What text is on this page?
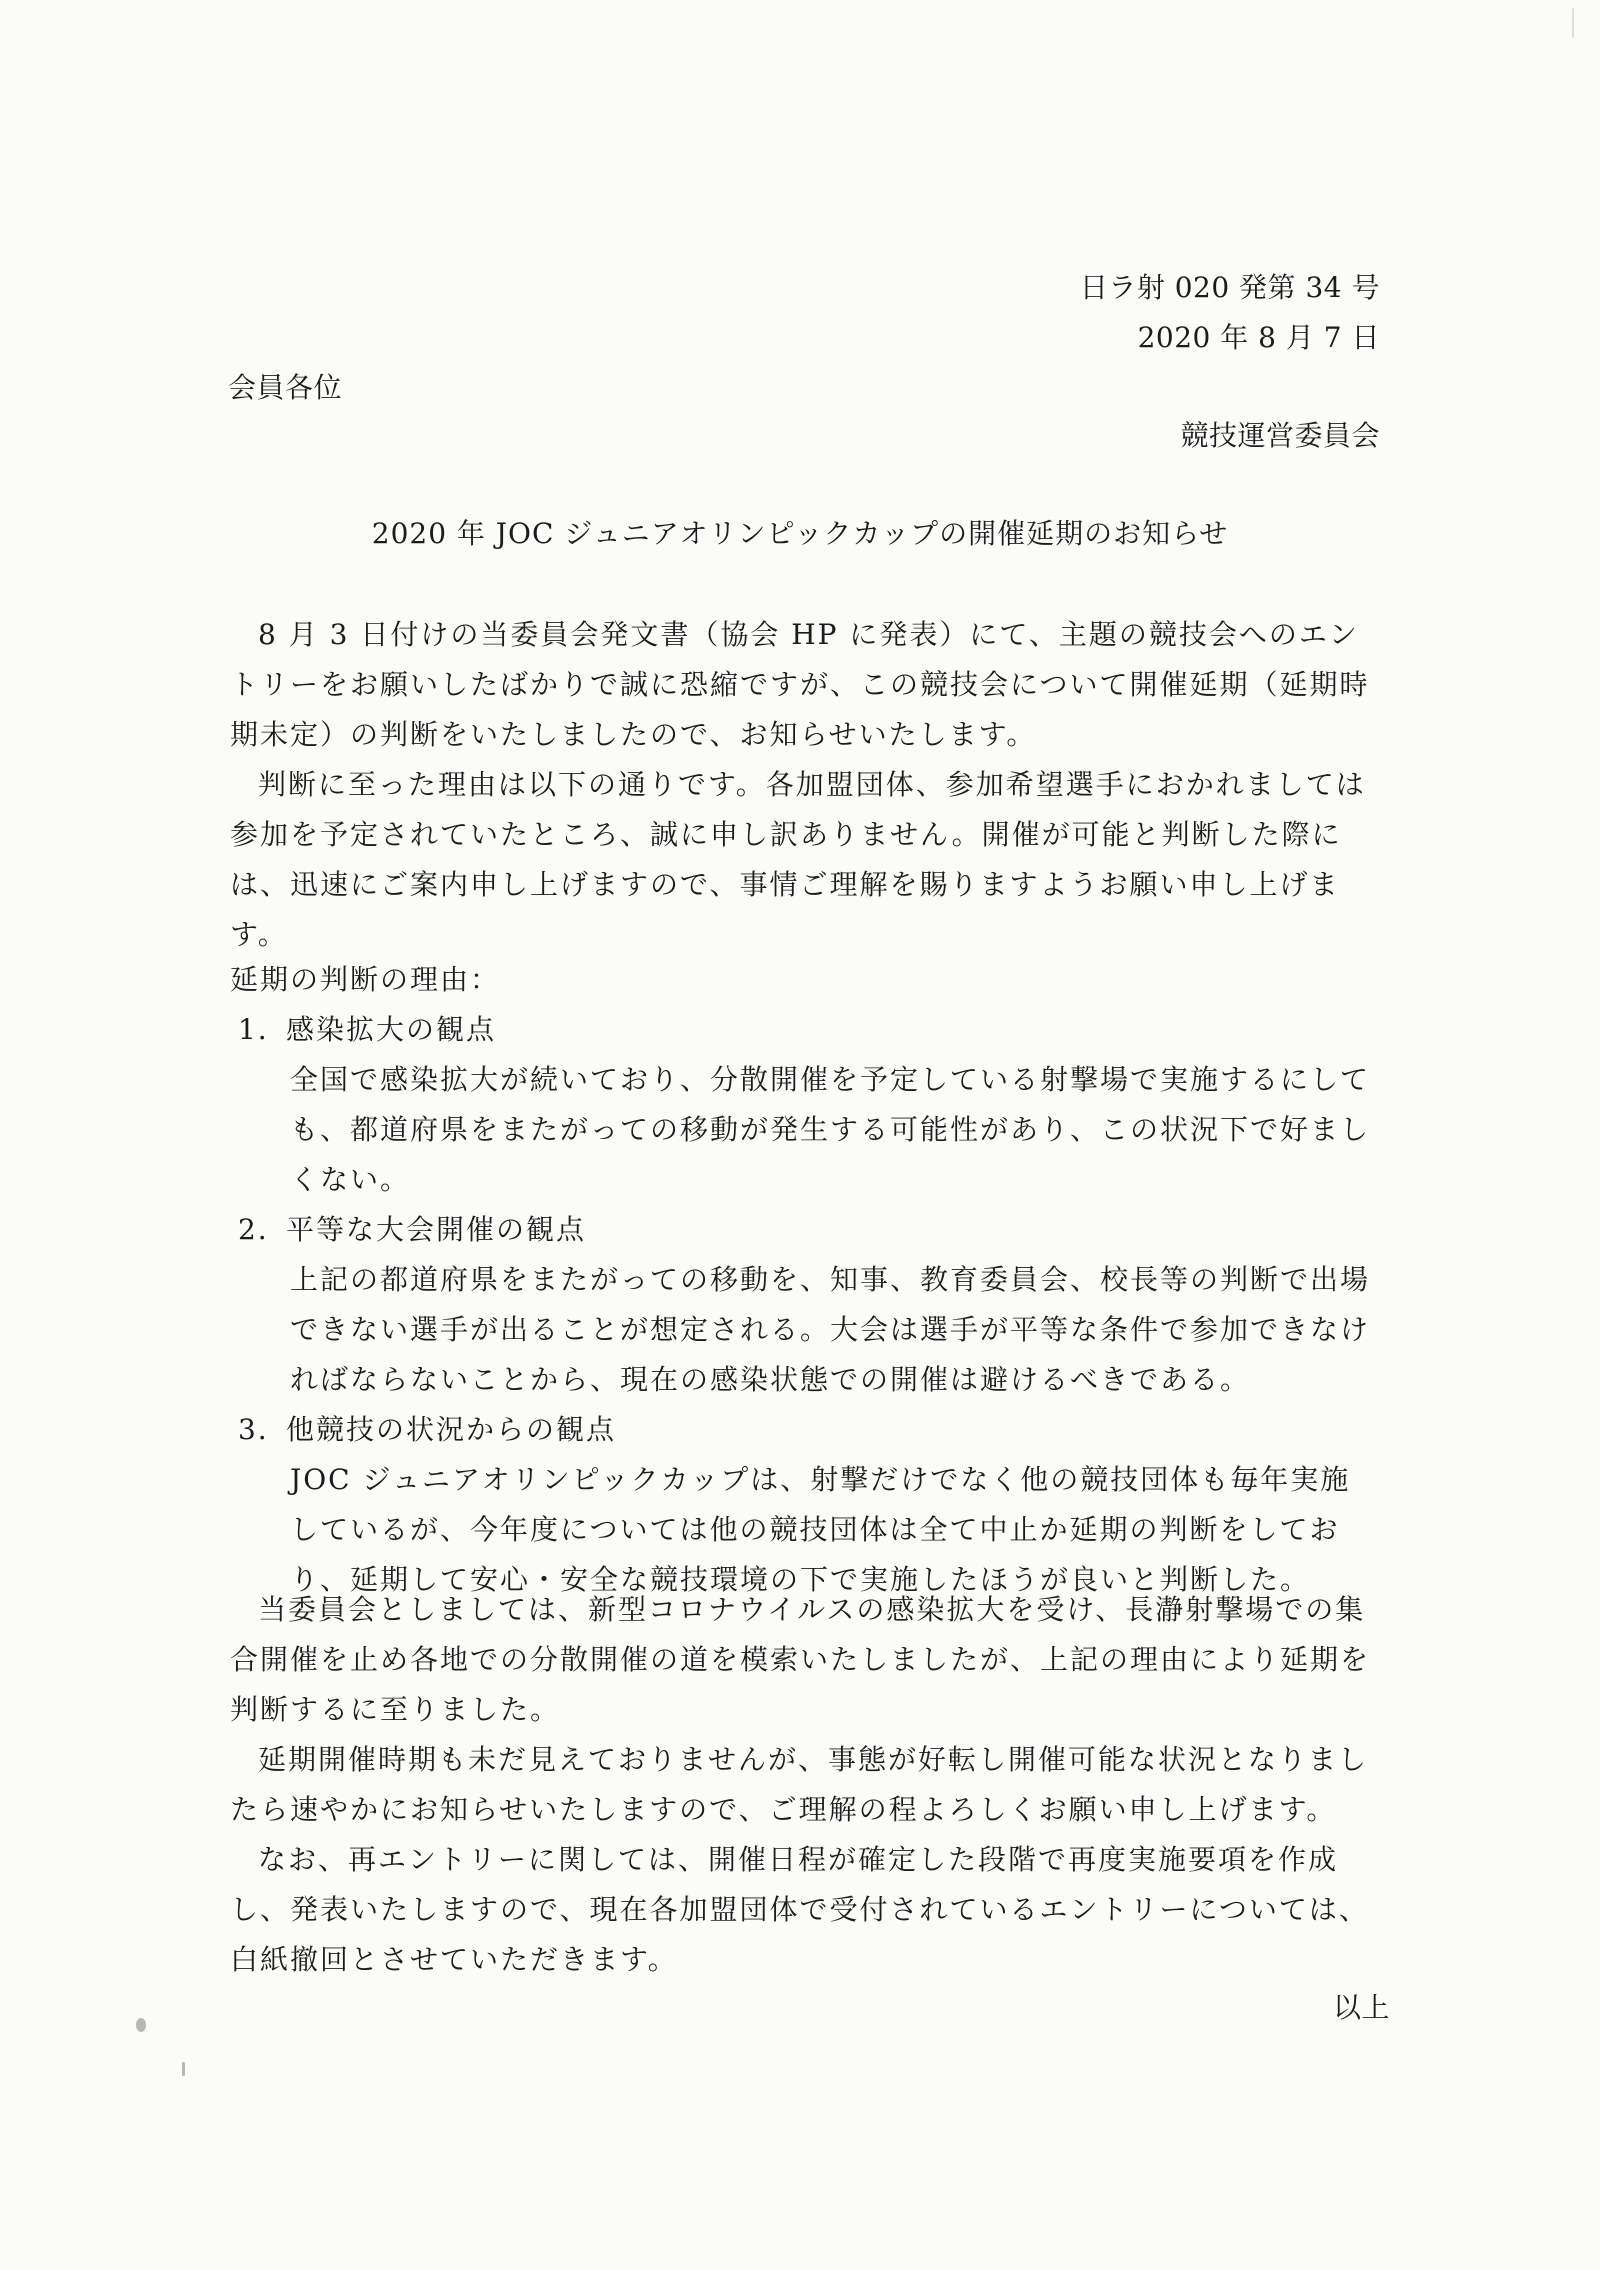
日ラ射 020 発第 34 号
2020 年 8 月 7 日
会員各位
競技運営委員会
2020 年 JOC ジュニアオリンピックカップの開催延期のお知らせ

8 月 3 日付けの当委員会発文書（協会 HP に発表）にて、主題の競技会へのエントリーをお願いしたばかりで誠に恐縮ですが、この競技会について開催延期（延期時期未定）の判断をいたしましたので、お知らせいたします。

判断に至った理由は以下の通りです。各加盟団体、参加希望選手におかれましては参加を予定されていたところ、誠に申し訳ありません。開催が可能と判断した際には、迅速にご案内申し上げますので、事情ご理解を賜りますようお願い申し上げます。

延期の判断の理由：

1．感染拡大の観点

全国で感染拡大が続いており、分散開催を予定している射撃場で実施するにしても、都道府県をまたがっての移動が発生する可能性があり、この状況下で好ましくない。

2．平等な大会開催の観点

上記の都道府県をまたがっての移動を、知事、教育委員会、校長等の判断で出場できない選手が出ることが想定される。大会は選手が平等な条件で参加できなければならないことから、現在の感染状態での開催は避けるべきである。

3．他競技の状況からの観点

JOC ジュニアオリンピックカップは、射撃だけでなく他の競技団体も毎年実施しているが、今年度については他の競技団体は全て中止か延期の判断をしており、延期して安心・安全な競技環境の下で実施したほうが良いと判断した。

当委員会としましては、新型コロナウイルスの感染拡大を受け、長瀞射撃場での集合開催を止め各地での分散開催の道を模索いたしましたが、上記の理由により延期を判断するに至りました。

延期開催時期も未だ見えておりませんが、事態が好転し開催可能な状況となりましたら速やかにお知らせいたしますので、ご理解の程よろしくお願い申し上げます。

なお、再エントリーに関しては、開催日程が確定した段階で再度実施要項を作成し、発表いたしますので、現在各加盟団体で受付されているエントリーについては、白紙撤回とさせていただきます。

以上
